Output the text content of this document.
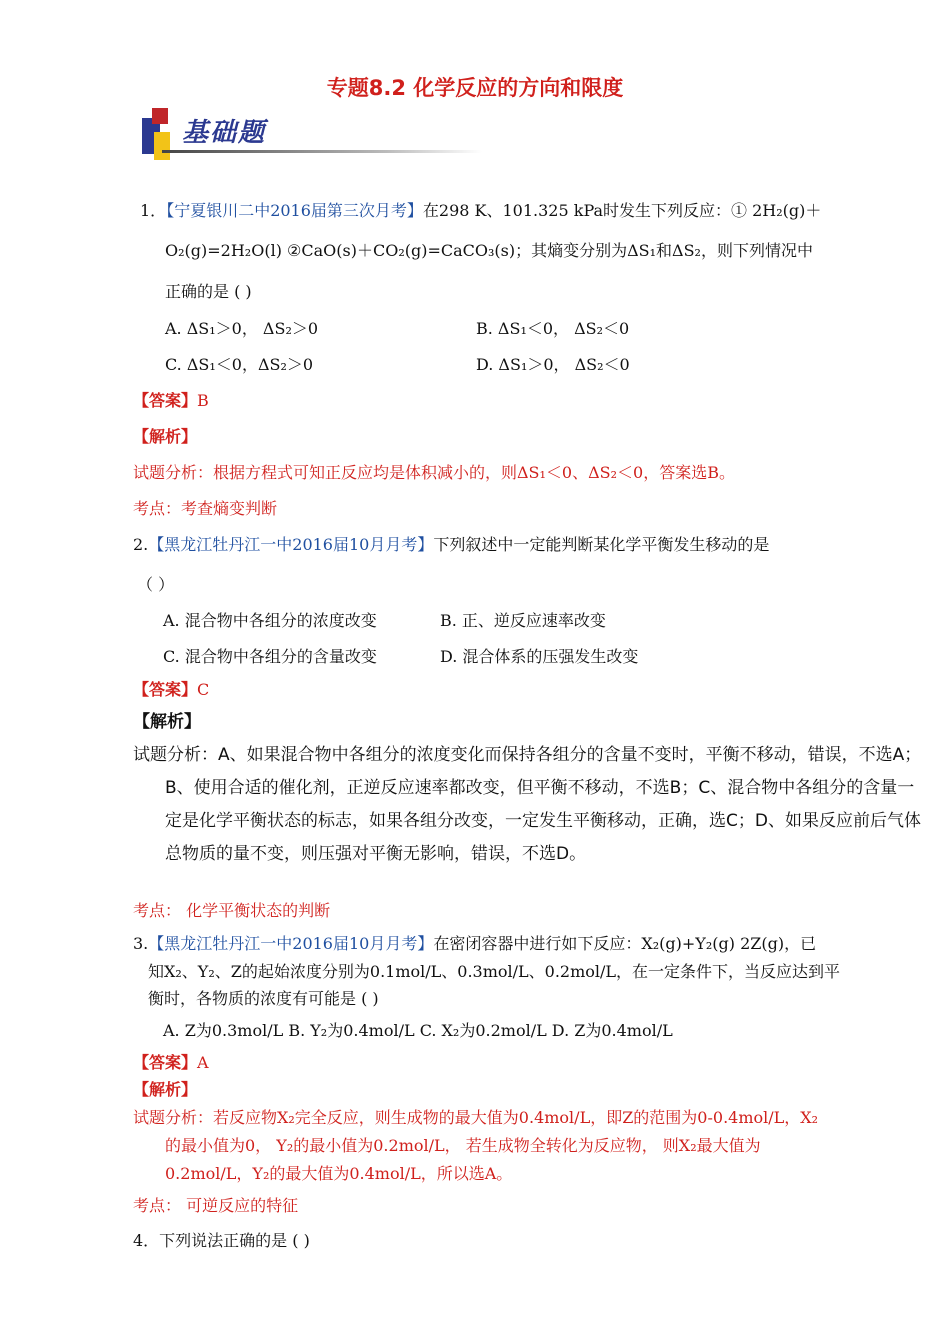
专题8.2 化学反应的方向和限度
基础题
1．【宁夏银川二中2016届第三次月考】在298 K、101.325 kPa时发生下列反应：① 2H₂(g)＋
O₂(g)=2H₂O(l) ②CaO(s)＋CO₂(g)=CaCO₃(s)；其熵变分别为ΔS₁和ΔS₂，则下列情况中
正确的是 ( )
A. ΔS₁＞0， ΔS₂＞0	B. ΔS₁＜0， ΔS₂＜0
C. ΔS₁＜0，ΔS₂＞0	D. ΔS₁＞0， ΔS₂＜0
【答案】B
【解析】
试题分析：根据方程式可知正反应均是体积减小的，则ΔS₁＜0、ΔS₂＜0，答案选B。
考点：考查熵变判断
2.【黑龙江牡丹江一中2016届10月月考】下列叙述中一定能判断某化学平衡发生移动的是
（ ）
A. 混合物中各组分的浓度改变	B. 正、逆反应速率改变
C. 混合物中各组分的含量改变	D. 混合体系的压强发生改变
【答案】C
【解析】
试题分析：A、如果混合物中各组分的浓度变化而保持各组分的含量不变时，平衡不移动，错误，不选A；
B、使用合适的催化剂，正逆反应速率都改变，但平衡不移动，不选B；C、混合物中各组分的含量一
定是化学平衡状态的标志，如果各组分改变，一定发生平衡移动，正确，选C；D、如果反应前后气体
总物质的量不变，则压强对平衡无影响，错误，不选D。
考点： 化学平衡状态的判断
3.【黑龙江牡丹江一中2016届10月月考】在密闭容器中进行如下反应：X₂(g)+Y₂(g) 2Z(g)，已
知X₂、Y₂、Z的起始浓度分别为0.1mol/L、0.3mol/L、0.2mol/L，在一定条件下，当反应达到平
衡时，各物质的浓度有可能是 ( )
A. Z为0.3mol/L B. Y₂为0.4mol/L C. X₂为0.2mol/L D. Z为0.4mol/L
【答案】A
【解析】
试题分析：若反应物X₂完全反应，则生成物的最大值为0.4mol/L，即Z的范围为0-0.4mol/L，X₂
的最小值为0， Y₂的最小值为0.2mol/L， 若生成物全转化为反应物， 则X₂最大值为
0.2mol/L，Y₂的最大值为0.4mol/L，所以选A。
考点： 可逆反应的特征
4．下列说法正确的是 ( )
